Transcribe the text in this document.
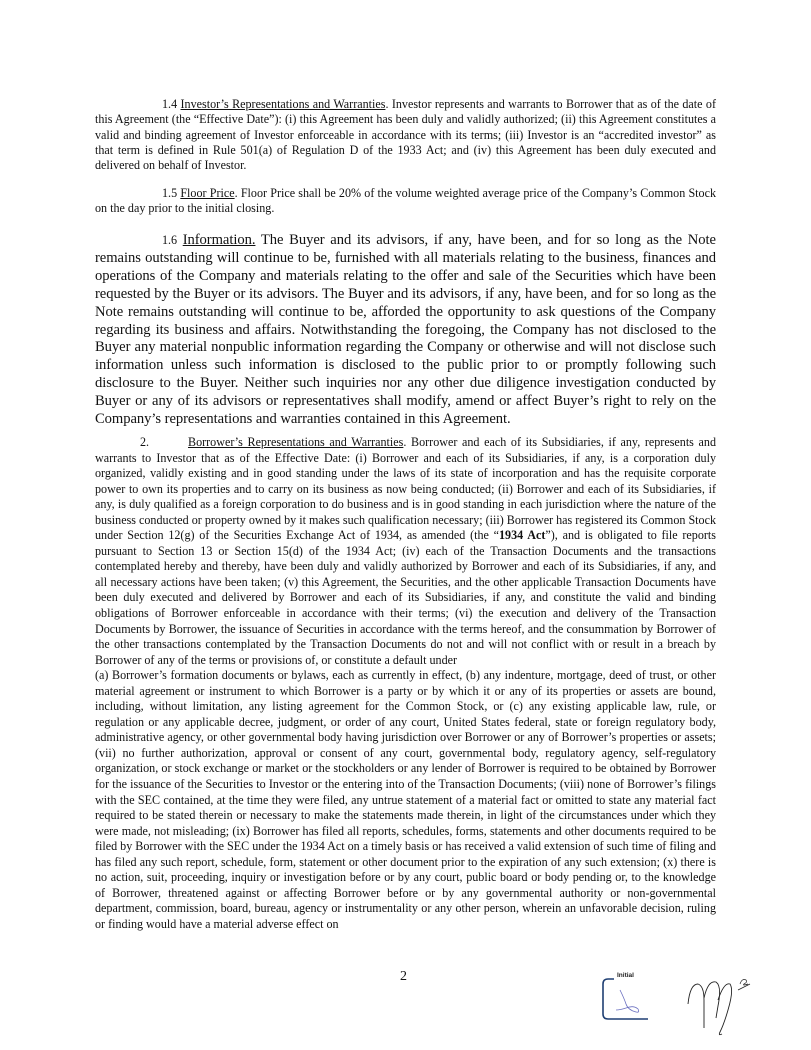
1.4 Investor’s Representations and Warranties. Investor represents and warrants to Borrower that as of the date of this Agreement (the “Effective Date”): (i) this Agreement has been duly and validly authorized; (ii) this Agreement constitutes a valid and binding agreement of Investor enforceable in accordance with its terms; (iii) Investor is an “accredited investor” as that term is defined in Rule 501(a) of Regulation D of the 1933 Act; and (iv) this Agreement has been duly executed and delivered on behalf of Investor.

1.5 Floor Price. Floor Price shall be 20% of the volume weighted average price of the Company’s Common Stock on the day prior to the initial closing.

1.6 Information. The Buyer and its advisors, if any, have been, and for so long as the Note remains outstanding will continue to be, furnished with all materials relating to the business, finances and operations of the Company and materials relating to the offer and sale of the Securities which have been requested by the Buyer or its advisors. The Buyer and its advisors, if any, have been, and for so long as the Note remains outstanding will continue to be, afforded the opportunity to ask questions of the Company regarding its business and affairs. Notwithstanding the foregoing, the Company has not disclosed to the Buyer any material nonpublic information regarding the Company or otherwise and will not disclose such information unless such information is disclosed to the public prior to or promptly following such disclosure to the Buyer. Neither such inquiries nor any other due diligence investigation conducted by Buyer or any of its advisors or representatives shall modify, amend or affect Buyer’s right to rely on the Company’s representations and warranties contained in this Agreement.

2.	Borrower’s Representations and Warranties. Borrower and each of its Subsidiaries, if any, represents and warrants to Investor that as of the Effective Date: (i) Borrower and each of its Subsidiaries, if any, is a corporation duly organized, validly existing and in good standing under the laws of its state of incorporation and has the requisite corporate power to own its properties and to carry on its business as now being conducted; (ii) Borrower and each of its Subsidiaries, if any, is duly qualified as a foreign corporation to do business and is in good standing in each jurisdiction where the nature of the business conducted or property owned by it makes such qualification necessary; (iii) Borrower has registered its Common Stock under Section 12(g) of the Securities Exchange Act of 1934, as amended (the “1934 Act”), and is obligated to file reports pursuant to Section 13 or Section 15(d) of the 1934 Act; (iv) each of the Transaction Documents and the transactions contemplated hereby and thereby, have been duly and validly authorized by Borrower and each of its Subsidiaries, if any, and all necessary actions have been taken; (v) this Agreement, the Securities, and the other applicable Transaction Documents have been duly executed and delivered by Borrower and each of its Subsidiaries, if any, and constitute the valid and binding obligations of Borrower enforceable in accordance with their terms; (vi) the execution and delivery of the Transaction Documents by Borrower, the issuance of Securities in accordance with the terms hereof, and the consummation by Borrower of the other transactions contemplated by the Transaction Documents do not and will not conflict with or result in a breach by Borrower of any of the terms or provisions of, or constitute a default under

(a) Borrower’s formation documents or bylaws, each as currently in effect, (b) any indenture, mortgage, deed of trust, or other material agreement or instrument to which Borrower is a party or by which it or any of its properties or assets are bound, including, without limitation, any listing agreement for the Common Stock, or (c) any existing applicable law, rule, or regulation or any applicable decree, judgment, or order of any court, United States federal, state or foreign regulatory body, administrative agency, or other governmental body having jurisdiction over Borrower or any of Borrower’s properties or assets; (vii) no further authorization, approval or consent of any court, governmental body, regulatory agency, self-regulatory organization, or stock exchange or market or the stockholders or any lender of Borrower is required to be obtained by Borrower for the issuance of the Securities to Investor or the entering into of the Transaction Documents; (viii) none of Borrower’s filings with the SEC contained, at the time they were filed, any untrue statement of a material fact or omitted to state any material fact required to be stated therein or necessary to make the statements made therein, in light of the circumstances under which they were made, not misleading; (ix) Borrower has filed all reports, schedules, forms, statements and other documents required to be filed by Borrower with the SEC under the 1934 Act on a timely basis or has received a valid extension of such time of filing and has filed any such report, schedule, form, statement or other document prior to the expiration of any such extension; (x) there is no action, suit, proceeding, inquiry or investigation before or by any court, public board or body pending or, to the knowledge of Borrower, threatened against or affecting Borrower before or by any governmental authority or non-governmental department, commission, board, bureau, agency or instrumentality or any other person, wherein an unfavorable decision, ruling or finding would have a material adverse effect on

2	Initial
